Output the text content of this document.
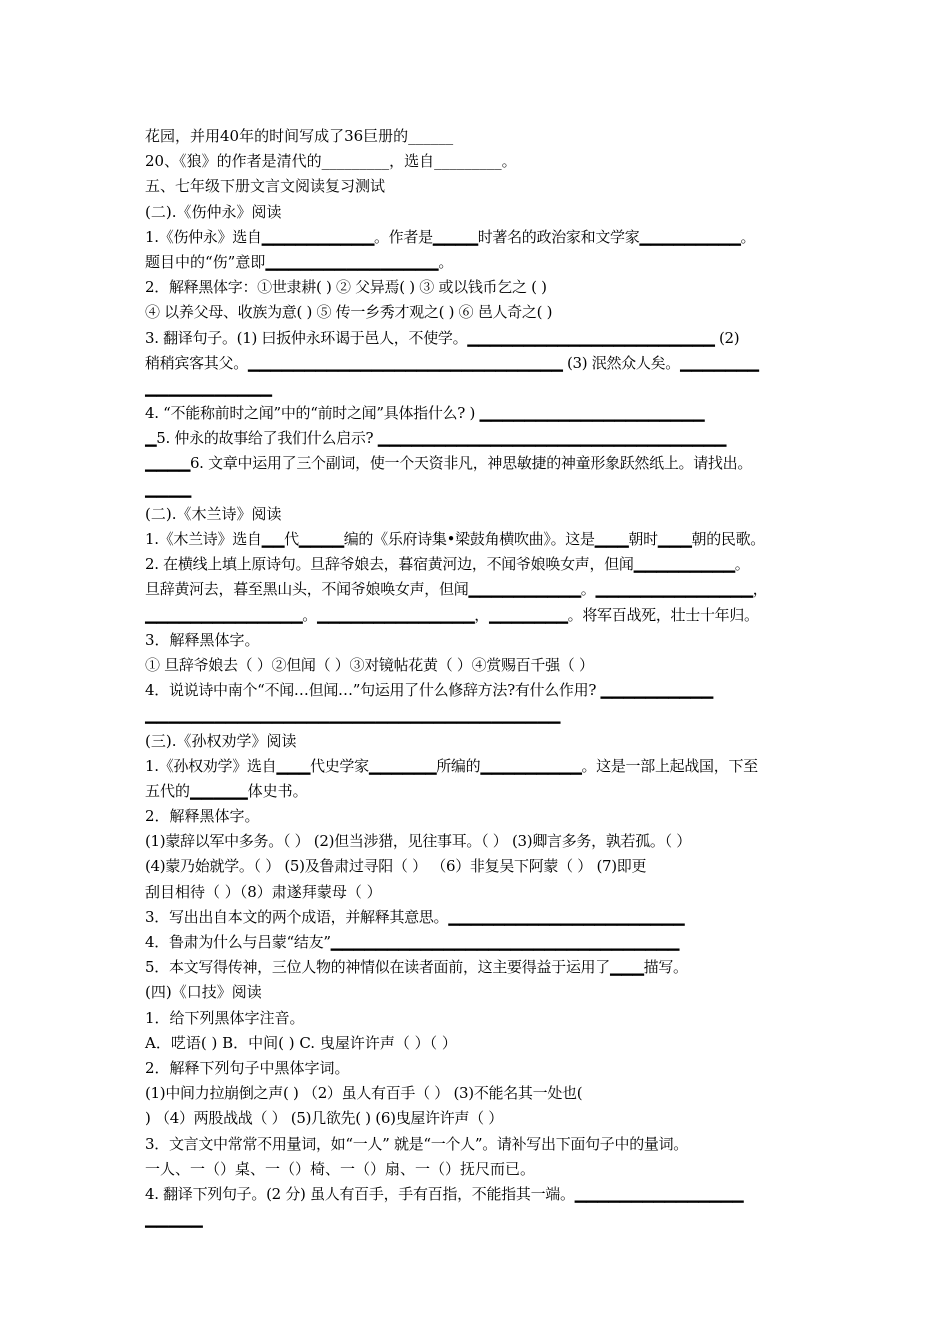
花园，并用40年的时间写成了36巨册的______
20、《狼》的作者是清代的_________，选自_________。
五、七年级下册文言文阅读复习测试
(二).《伤仲永》阅读
1.《伤仲永》选自▁▁▁▁▁▁▁▁▁▁。作者是▁▁▁▁时著名的政治家和文学家▁▁▁▁▁▁▁▁▁。
题目中的“伤”意即▁▁▁▁▁▁▁▁▁▁▁▁▁▁▁。
2．解释黑体字：①世隶耕( ) ② 父异焉( ) ③ 或以钱币乞之 ( )
④ 以养父母、收族为意( ) ⑤ 传一乡秀才观之( ) ⑥ 邑人奇之( )
3. 翻译句子。(1) 曰扳仲永环谒于邑人，不使学。▁▁▁▁▁▁▁▁▁▁▁▁▁▁▁▁▁▁▁▁▁▁ (2)
稍稍宾客其父。▁▁▁▁▁▁▁▁▁▁▁▁▁▁▁▁▁▁▁▁▁▁▁▁▁▁▁▁ (3) 泯然众人矣。▁▁▁▁▁▁▁
▁▁▁▁▁▁▁▁▁▁▁
4. “不能称前时之闻”中的“前时之闻”具体指什么? ) ▁▁▁▁▁▁▁▁▁▁▁▁▁▁▁▁▁▁▁▁
▁5. 仲永的故事给了我们什么启示? ▁▁▁▁▁▁▁▁▁▁▁▁▁▁▁▁▁▁▁▁▁▁▁▁▁▁▁▁▁▁▁
▁▁▁▁6. 文章中运用了三个副词，使一个天资非凡，神思敏捷的神童形象跃然纸上。请找出。
▁▁▁▁
(二).《木兰诗》阅读
1.《木兰诗》选自▁▁代▁▁▁▁编的《乐府诗集•梁鼓角横吹曲》。这是▁▁▁朝时▁▁▁朝的民歌。
2. 在横线上填上原诗句。旦辞爷娘去，暮宿黄河边，不闻爷娘唤女声，但闻▁▁▁▁▁▁▁▁▁。
旦辞黄河去，暮至黑山头，不闻爷娘唤女声，但闻▁▁▁▁▁▁▁▁▁▁。▁▁▁▁▁▁▁▁▁▁▁▁▁▁，
▁▁▁▁▁▁▁▁▁▁▁▁▁▁。▁▁▁▁▁▁▁▁▁▁▁▁▁▁，▁▁▁▁▁▁▁。将军百战死，壮士十年归。
3．解释黑体字。
① 旦辞爷娘去（ ）②但闻（ ）③对镜帖花黄（ ）④赏赐百千强（ ）
4．说说诗中南个“不闻…但闻…”句运用了什么修辞方法?有什么作用? ▁▁▁▁▁▁▁▁▁▁
▁▁▁▁▁▁▁▁▁▁▁▁▁▁▁▁▁▁▁▁▁▁▁▁▁▁▁▁▁▁▁▁▁▁▁▁
(三).《孙权劝学》阅读
1.《孙权劝学》选自▁▁▁代史学家▁▁▁▁▁▁所编的▁▁▁▁▁▁▁▁▁。这是一部上起战国，下至
五代的▁▁▁▁▁体史书。
2．解释黑体字。
(1)蒙辞以军中多务。（ ） (2)但当涉猎，见往事耳。（ ） (3)卿言多务，孰若孤。（ ）
(4)蒙乃始就学。（ ） (5)及鲁肃过寻阳（ ） （6）非复吴下阿蒙（ ） (7)即更
刮目相待（ ）（8）肃遂拜蒙母（ ）
3．写出出自本文的两个成语，并解释其意思。▁▁▁▁▁▁▁▁▁▁▁▁▁▁▁▁▁▁▁▁▁
4．鲁肃为什么与吕蒙“结友”▁▁▁▁▁▁▁▁▁▁▁▁▁▁▁▁▁▁▁▁▁▁▁▁▁▁▁▁▁▁▁
5．本文写得传神，三位人物的神情似在读者面前，这主要得益于运用了▁▁▁描写。
(四)《口技》阅读
1．给下列黑体字注音。
A．呓语( ) B．中间( ) C. 曳屋许许声（ ）（ ）
2．解释下列句子中黑体字词。
(1)中间力拉崩倒之声( ) （2）虽人有百手（ ） (3)不能名其一处也(
) （4）两股战战（ ） (5)几欲先( ) (6)曳屋许许声（ ）
3．文言文中常常不用量词，如“一人” 就是“一个人”。请补写出下面句子中的量词。
一人、一（）桌、一（）椅、一（）扇、一（）抚尺而已。
4. 翻译下列句子。(2 分) 虽人有百手，手有百指，不能指其一端。▁▁▁▁▁▁▁▁▁▁▁▁▁▁▁
▁▁▁▁▁
